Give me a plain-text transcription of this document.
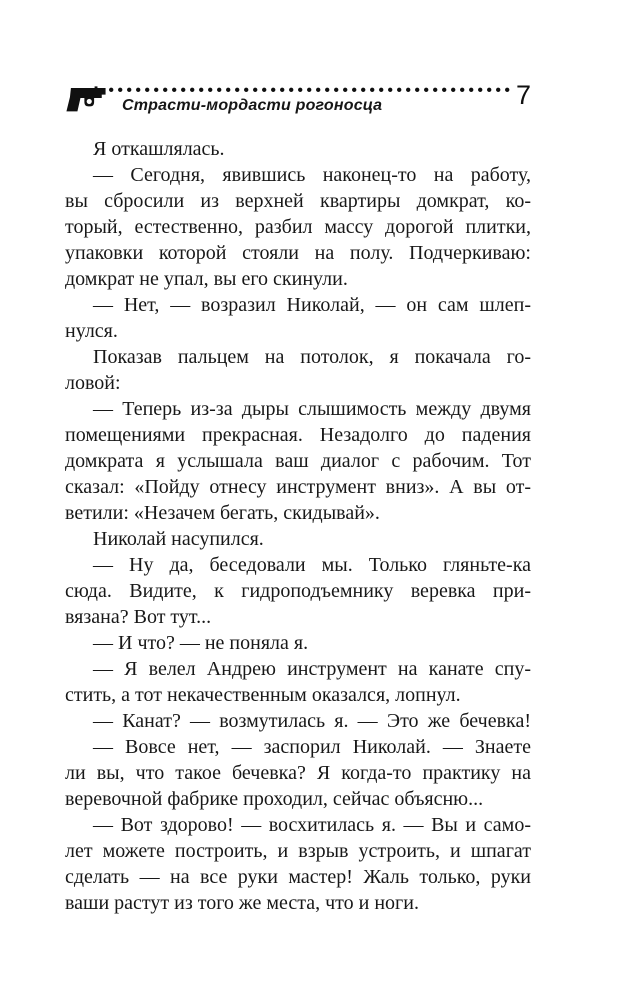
Страсти-мордасти рогоносца	7
Я откашлялась.
— Сегодня, явившись наконец-то на работу,
вы сбросили из верхней квартиры домкрат, ко-
торый, естественно, разбил массу дорогой плитки,
упаковки которой стояли на полу. Подчеркиваю:
домкрат не упал, вы его скинули.
— Нет, — возразил Николай, — он сам шлеп-
нулся.
Показав пальцем на потолок, я покачала го-
ловой:
— Теперь из-за дыры слышимость между двумя
помещениями прекрасная. Незадолго до падения
домкрата я услышала ваш диалог с рабочим. Тот
сказал: «Пойду отнесу инструмент вниз». А вы от-
ветили: «Незачем бегать, скидывай».
Николай насупился.
— Ну да, беседовали мы. Только гляньте-ка
сюда. Видите, к гидроподъемнику веревка при-
вязана? Вот тут...
— И что? — не поняла я.
— Я велел Андрею инструмент на канате спу-
стить, а тот некачественным оказался, лопнул.
— Канат? — возмутилась я. — Это же бечевка!
— Вовсе нет, — заспорил Николай. — Знаете
ли вы, что такое бечевка? Я когда-то практику на
веревочной фабрике проходил, сейчас объясню...
— Вот здорово! — восхитилась я. — Вы и само-
лет можете построить, и взрыв устроить, и шпагат
сделать — на все руки мастер! Жаль только, руки
ваши растут из того же места, что и ноги.
